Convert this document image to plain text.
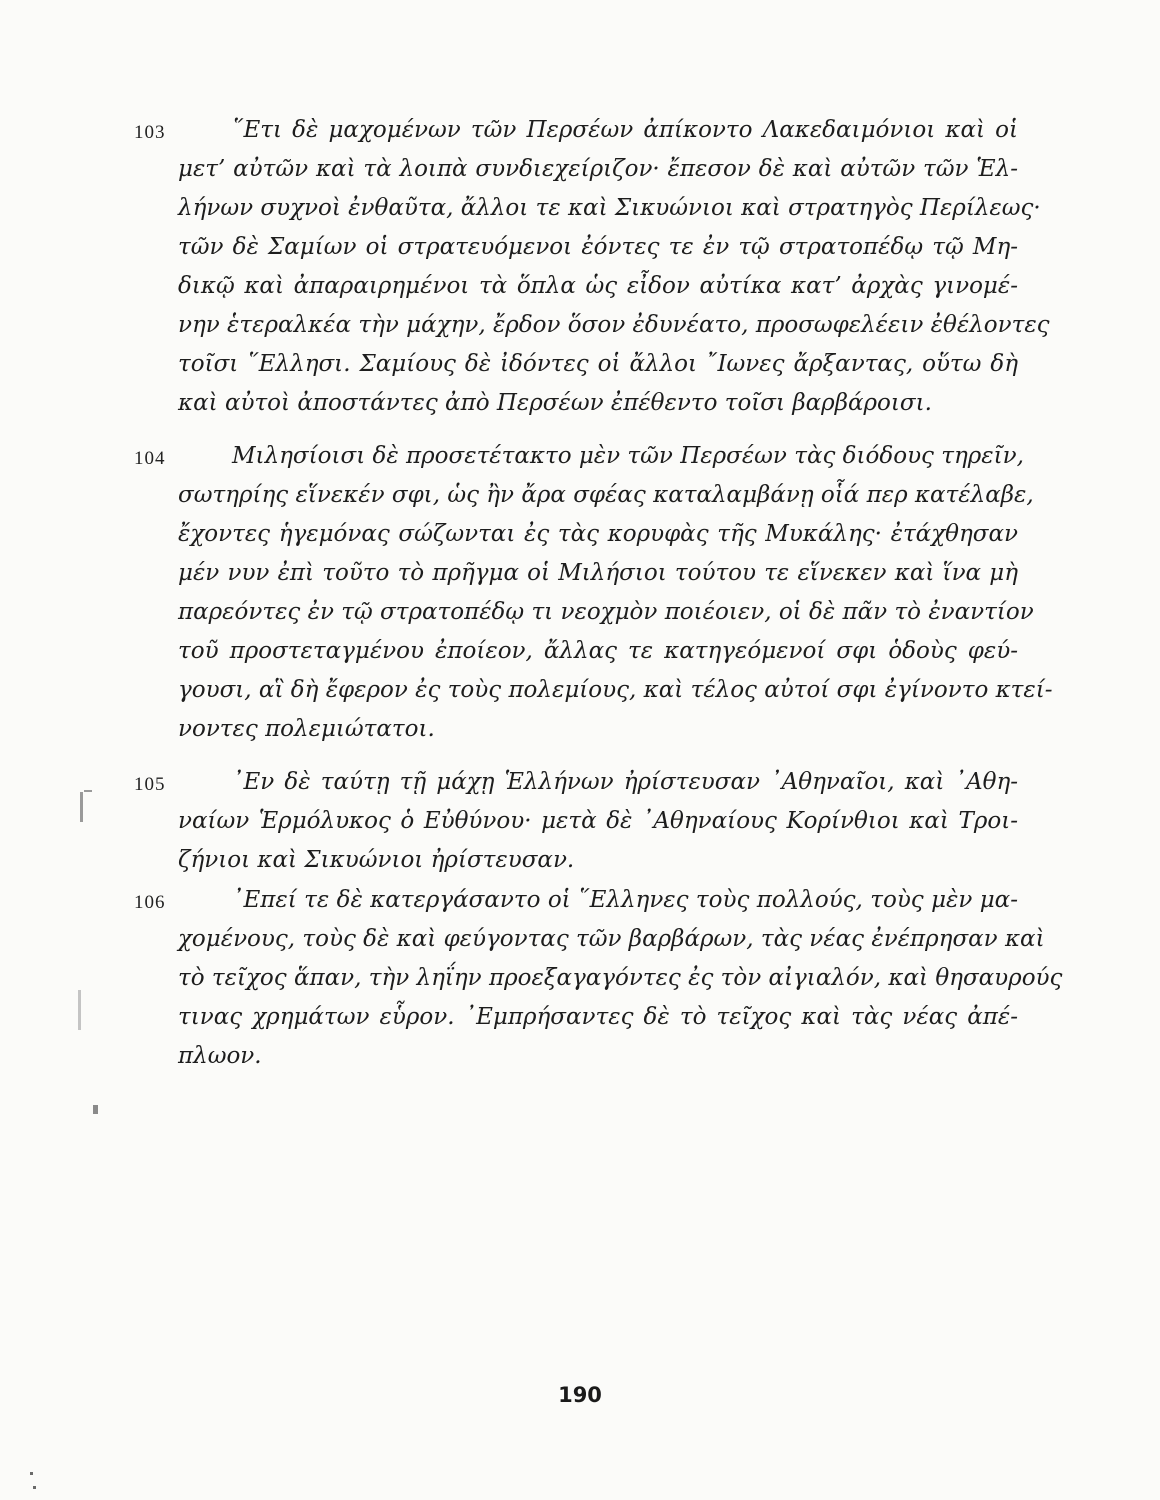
103	῞Ετι δὲ μαχομένων τῶν Περσέων ἀπίκοντο Λακεδαιμόνιοι καὶ οἱ
μετ’ αὐτῶν καὶ τὰ λοιπὰ συνδιεχείριζον· ἔπεσον δὲ καὶ αὐτῶν τῶν Ἑλ-
λήνων συχνοὶ ἐνθαῦτα, ἄλλοι τε καὶ Σικυώνιοι καὶ στρατηγὸς Περίλεως·
τῶν δὲ Σαμίων οἱ στρατευόμενοι ἐόντες τε ἐν τῷ στρατοπέδῳ τῷ Μη-
δικῷ καὶ ἀπαραιρημένοι τὰ ὅπλα ὡς εἶδον αὐτίκα κατ’ ἀρχὰς γινομέ-
νην ἑτεραλκέα τὴν μάχην, ἔρδον ὅσον ἐδυνέατο, προσωφελέειν ἐθέλοντες
τοῖσι ῞Ελλησι. Σαμίους δὲ ἰδόντες οἱ ἄλλοι ῎Ιωνες ἄρξαντας, οὕτω δὴ
καὶ αὐτοὶ ἀποστάντες ἀπὸ Περσέων ἐπέθεντο τοῖσι βαρβάροισι.
104	Μιλησίοισι δὲ προσετέτακτο μὲν τῶν Περσέων τὰς διόδους τηρεῖν,
σωτηρίης εἵνεκέν σφι, ὡς ἢν ἄρα σφέας καταλαμβάνῃ οἷά περ κατέλαβε,
ἔχοντες ἡγεμόνας σώζωνται ἐς τὰς κορυφὰς τῆς Μυκάλης· ἐτάχθησαν
μέν νυν ἐπὶ τοῦτο τὸ πρῆγμα οἱ Μιλήσιοι τούτου τε εἵνεκεν καὶ ἵνα μὴ
παρεόντες ἐν τῷ στρατοπέδῳ τι νεοχμὸν ποιέοιεν, οἱ δὲ πᾶν τὸ ἐναντίον
τοῦ προστεταγμένου ἐποίεον, ἄλλας τε κατηγεόμενοί σφι ὁδοὺς φεύ-
γουσι, αἳ δὴ ἔφερον ἐς τοὺς πολεμίους, καὶ τέλος αὐτοί σφι ἐγίνοντο κτεί-
νοντες πολεμιώτατοι.
105	᾿Εν δὲ ταύτῃ τῇ μάχῃ Ἑλλήνων ἠρίστευσαν ᾿Αθηναῖοι, καὶ ᾿Αθη-
ναίων Ἑρμόλυκος ὁ Εὐθύνου· μετὰ δὲ ᾿Αθηναίους Κορίνθιοι καὶ Τροι-
ζήνιοι καὶ Σικυώνιοι ἠρίστευσαν.
106	᾿Επεί τε δὲ κατεργάσαντο οἱ ῞Ελληνες τοὺς πολλούς, τοὺς μὲν μα-
χομένους, τοὺς δὲ καὶ φεύγοντας τῶν βαρβάρων, τὰς νέας ἐνέπρησαν καὶ
τὸ τεῖχος ἅπαν, τὴν ληΐην προεξαγαγόντες ἐς τὸν αἰγιαλόν, καὶ θησαυρούς
τινας χρημάτων εὗρον. ᾿Εμπρήσαντες δὲ τὸ τεῖχος καὶ τὰς νέας ἀπέ-
πλωον.
190
